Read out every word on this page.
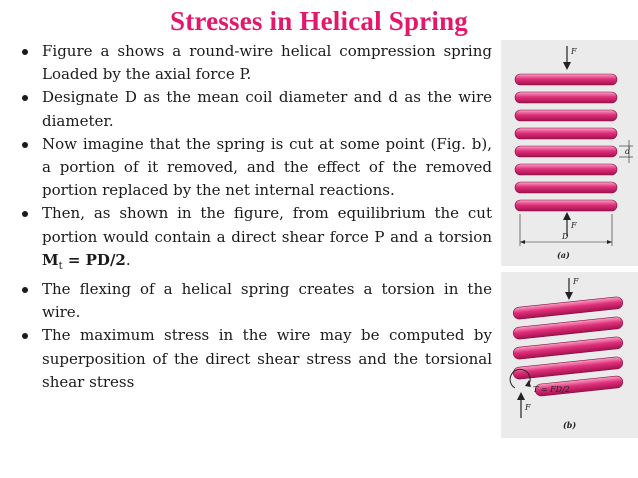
Stresses in Helical Spring
Figure a shows a round-wire helical compression spring Loaded by the axial force P.
Designate D as the mean coil diameter and d as the wire diameter.
Now imagine that the spring is cut at some point (Fig. b), a portion of it removed, and the effect of the removed portion replaced by the net internal reactions.
Then, as shown in the figure, from equilibrium the cut portion would contain a direct shear force P and a torsion $M_t = PD/2$.
The flexing of a helical spring creates a torsion in the wire.
The maximum stress in the wire may be computed by superposition of the direct shear stress and the torsional shear stress
F
d
F
D
(a)
F
T = FD/2
F
(b)
